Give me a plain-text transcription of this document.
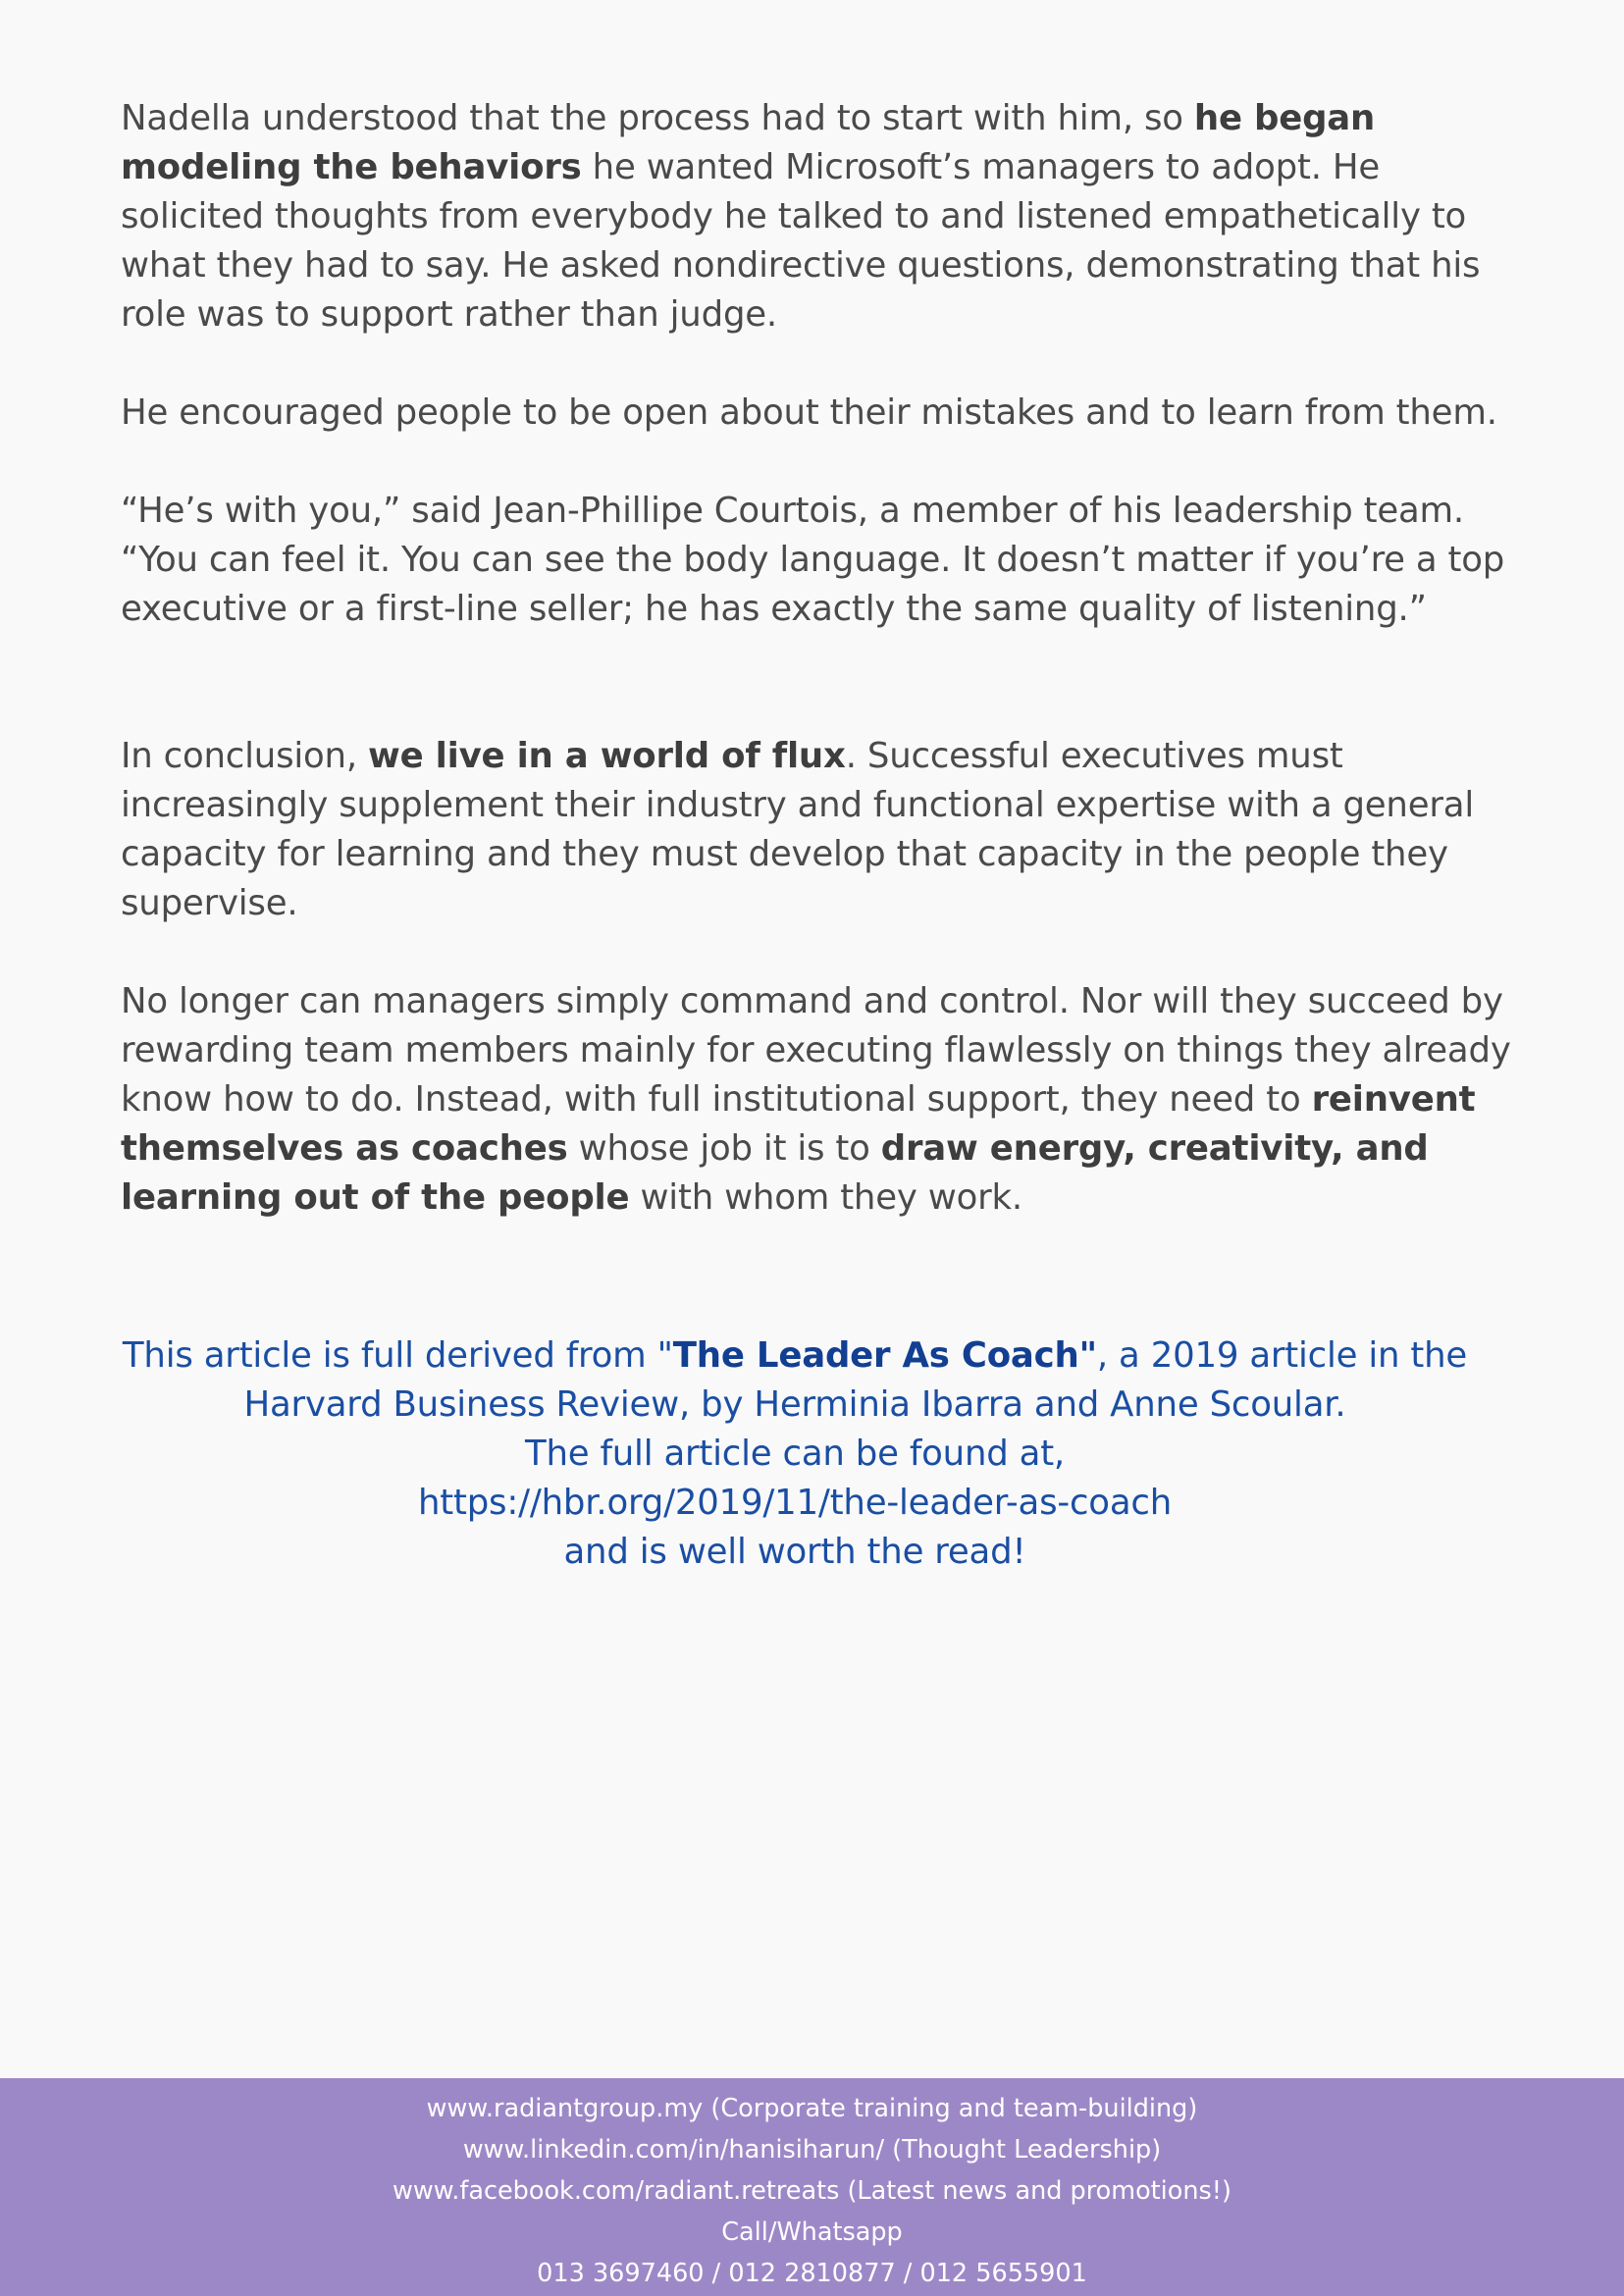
Nadella understood that the process had to start with him, so he began modeling the behaviors he wanted Microsoft’s managers to adopt. He solicited thoughts from everybody he talked to and listened empathetically to what they had to say. He asked nondirective questions, demonstrating that his role was to support rather than judge.

He encouraged people to be open about their mistakes and to learn from them.

“He’s with you,” said Jean-Phillipe Courtois, a member of his leadership team. “You can feel it. You can see the body language. It doesn’t matter if you’re a top executive or a first-line seller; he has exactly the same quality of listening.”

In conclusion, we live in a world of flux. Successful executives must increasingly supplement their industry and functional expertise with a general capacity for learning and they must develop that capacity in the people they supervise.

No longer can managers simply command and control. Nor will they succeed by rewarding team members mainly for executing flawlessly on things they already know how to do. Instead, with full institutional support, they need to reinvent themselves as coaches whose job it is to draw energy, creativity, and learning out of the people with whom they work.

This article is full derived from "The Leader As Coach", a 2019 article in the

Harvard Business Review, by Herminia Ibarra and Anne Scoular.

The full article can be found at,

https://hbr.org/2019/11/the-leader-as-coach

and is well worth the read!

www.radiantgroup.my (Corporate training and team-building)

www.linkedin.com/in/hanisiharun/ (Thought Leadership)

www.facebook.com/radiant.retreats (Latest news and promotions!)

Call/Whatsapp

013 3697460 / 012 2810877 / 012 5655901
